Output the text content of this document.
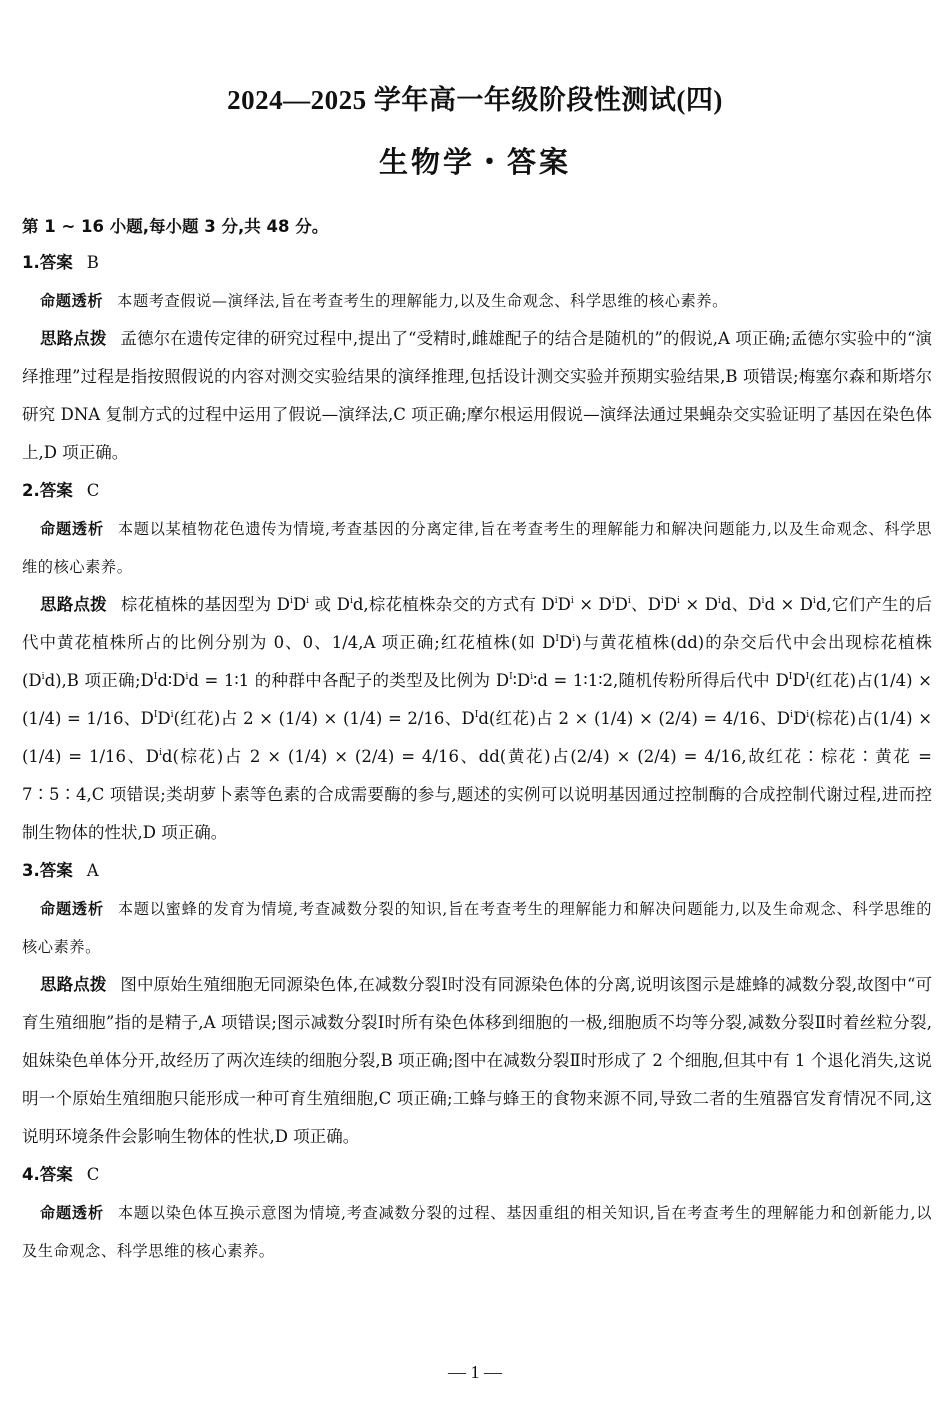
2024—2025 学年高一年级阶段性测试(四)
生物学・答案
第 1 ~ 16 小题,每小题 3 分,共 48 分。
1.答案 B
命题透析 本题考查假说—演绎法,旨在考查考生的理解能力,以及生命观念、科学思维的核心素养。
思路点拨 孟德尔在遗传定律的研究过程中,提出了“受精时,雌雄配子的结合是随机的”的假说,A 项正确;孟德尔实验中的“演绎推理”过程是指按照假说的内容对测交实验结果的演绎推理,包括设计测交实验并预期实验结果,B 项错误;梅塞尔森和斯塔尔研究 DNA 复制方式的过程中运用了假说—演绎法,C 项正确;摩尔根运用假说—演绎法通过果蝇杂交实验证明了基因在染色体上,D 项正确。
2.答案 C
命题透析 本题以某植物花色遗传为情境,考查基因的分离定律,旨在考查考生的理解能力和解决问题能力,以及生命观念、科学思维的核心素养。
思路点拨 棕花植株的基因型为 $D^iD^i$ 或 $D^id$,棕花植株杂交的方式有 $D^iD^i \times D^iD^i$、$D^iD^i \times D^id$、$D^id \times D^id$,它们产生的后代中黄花植株所占的比例分别为 0、0、1/4,A 项正确;红花植株(如 $D^ID^i$)与黄花植株(dd)的杂交后代中会出现棕花植株$(D^id),B$ 项正确$;D^Id∶D^id$ = 1∶1 的种群中各配子的类型及比例为 $D^I∶D^i∶d$ = 1∶1∶2,随机传粉所得后代中 $D^ID^I$(红花)占(1/4) × (1/4) = 1/16、$D^ID^i$(红花)占 2 × (1/4) × (1/4) = 2/16、$D^Id$(红花)占 2 × (1/4) × (2/4) = 4/16、$D^iD^i$(棕花)占(1/4) × (1/4) = 1/16、$D^id$(棕花)占 2 × (1/4) × (2/4) = 4/16、dd(黄花)占(2/4) × (2/4) = 4/16,故红花∶棕花∶黄花 = 7∶5∶4,C 项错误;类胡萝卜素等色素的合成需要酶的参与,题述的实例可以说明基因通过控制酶的合成控制代谢过程,进而控制生物体的性状,D 项正确。
3.答案 A
命题透析 本题以蜜蜂的发育为情境,考查减数分裂的知识,旨在考查考生的理解能力和解决问题能力,以及生命观念、科学思维的核心素养。
思路点拨 图中原始生殖细胞无同源染色体,在减数分裂Ⅰ时没有同源染色体的分离,说明该图示是雄蜂的减数分裂,故图中“可育生殖细胞”指的是精子,A 项错误;图示减数分裂Ⅰ时所有染色体移到细胞的一极,细胞质不均等分裂,减数分裂Ⅱ时着丝粒分裂,姐妹染色单体分开,故经历了两次连续的细胞分裂,B 项正确;图中在减数分裂Ⅱ时形成了 2 个细胞,但其中有 1 个退化消失,这说明一个原始生殖细胞只能形成一种可育生殖细胞,C 项正确;工蜂与蜂王的食物来源不同,导致二者的生殖器官发育情况不同,这说明环境条件会影响生物体的性状,D 项正确。
4.答案 C
命题透析 本题以染色体互换示意图为情境,考查减数分裂的过程、基因重组的相关知识,旨在考查考生的理解能力和创新能力,以及生命观念、科学思维的核心素养。
— 1 —
